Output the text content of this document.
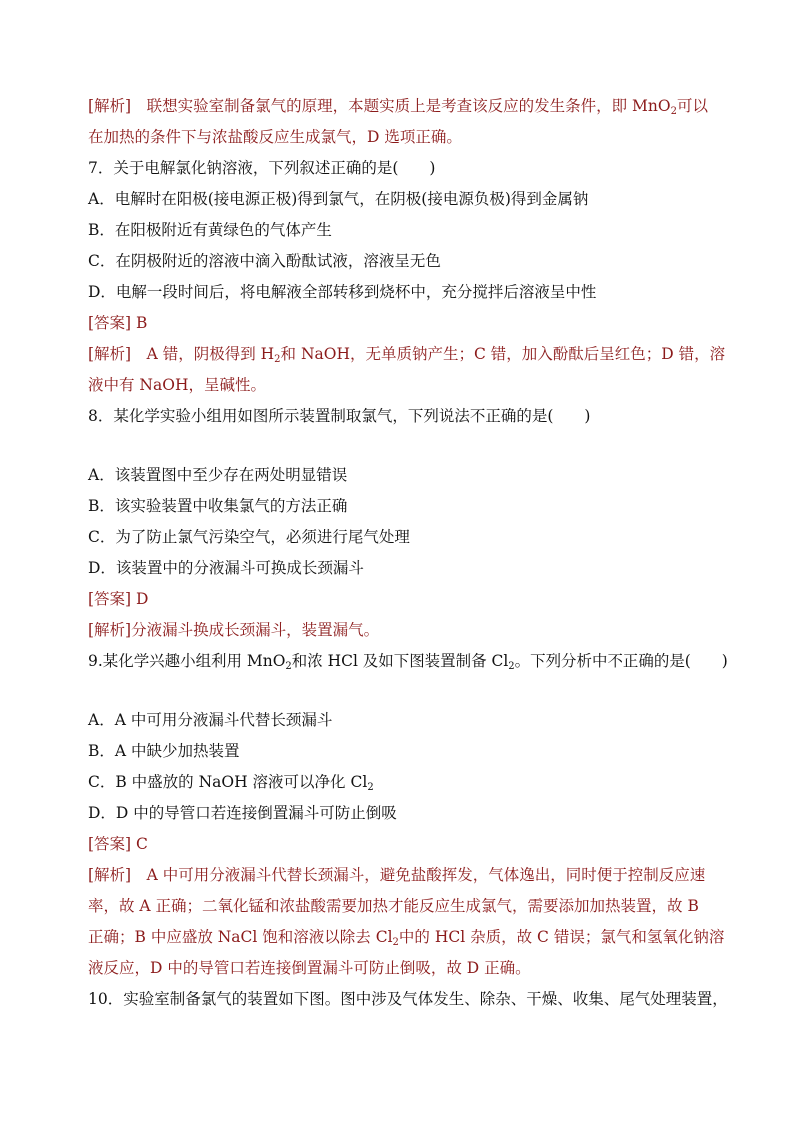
[解析]　联想实验室制备氯气的原理，本题实质上是考查该反应的发生条件，即 MnO$_2$可以
在加热的条件下与浓盐酸反应生成氯气，D 选项正确。
7．关于电解氯化钠溶液，下列叙述正确的是(　　)
A．电解时在阳极(接电源正极)得到氯气，在阴极(接电源负极)得到金属钠
B．在阳极附近有黄绿色的气体产生
C．在阴极附近的溶液中滴入酚酞试液，溶液呈无色
D．电解一段时间后，将电解液全部转移到烧杯中，充分搅拌后溶液呈中性
[答案] B
[解析]　A 错，阴极得到 $H_2$和 NaOH，无单质钠产生；C 错，加入酚酞后呈红色；D 错，溶
液中有 NaOH，呈碱性。
8．某化学实验小组用如图所示装置制取氯气，下列说法不正确的是(　　)
A．该装置图中至少存在两处明显错误
B．该实验装置中收集氯气的方法正确
C．为了防止氯气污染空气，必须进行尾气处理
D．该装置中的分液漏斗可换成长颈漏斗
[答案] D
[解析]分液漏斗换成长颈漏斗，装置漏气。
9.某化学兴趣小组利用 MnO$_2$和浓 HCl 及如下图装置制备 $Cl_2$。下列分析中不正确的是(　　)
A．A 中可用分液漏斗代替长颈漏斗
B．A 中缺少加热装置
C．B 中盛放的 NaOH 溶液可以净化 $Cl_2$
D．D 中的导管口若连接倒置漏斗可防止倒吸
[答案] C
[解析]　A 中可用分液漏斗代替长颈漏斗，避免盐酸挥发，气体逸出，同时便于控制反应速
率，故 A 正确；二氧化锰和浓盐酸需要加热才能反应生成氯气，需要添加加热装置，故 B
正确；B 中应盛放 NaCl 饱和溶液以除去 $Cl_2$中的 HCl 杂质，故 C 错误；氯气和氢氧化钠溶
液反应，D 中的导管口若连接倒置漏斗可防止倒吸，故 D 正确。
10．实验室制备氯气的装置如下图。图中涉及气体发生、除杂、干燥、收集、尾气处理装置，
